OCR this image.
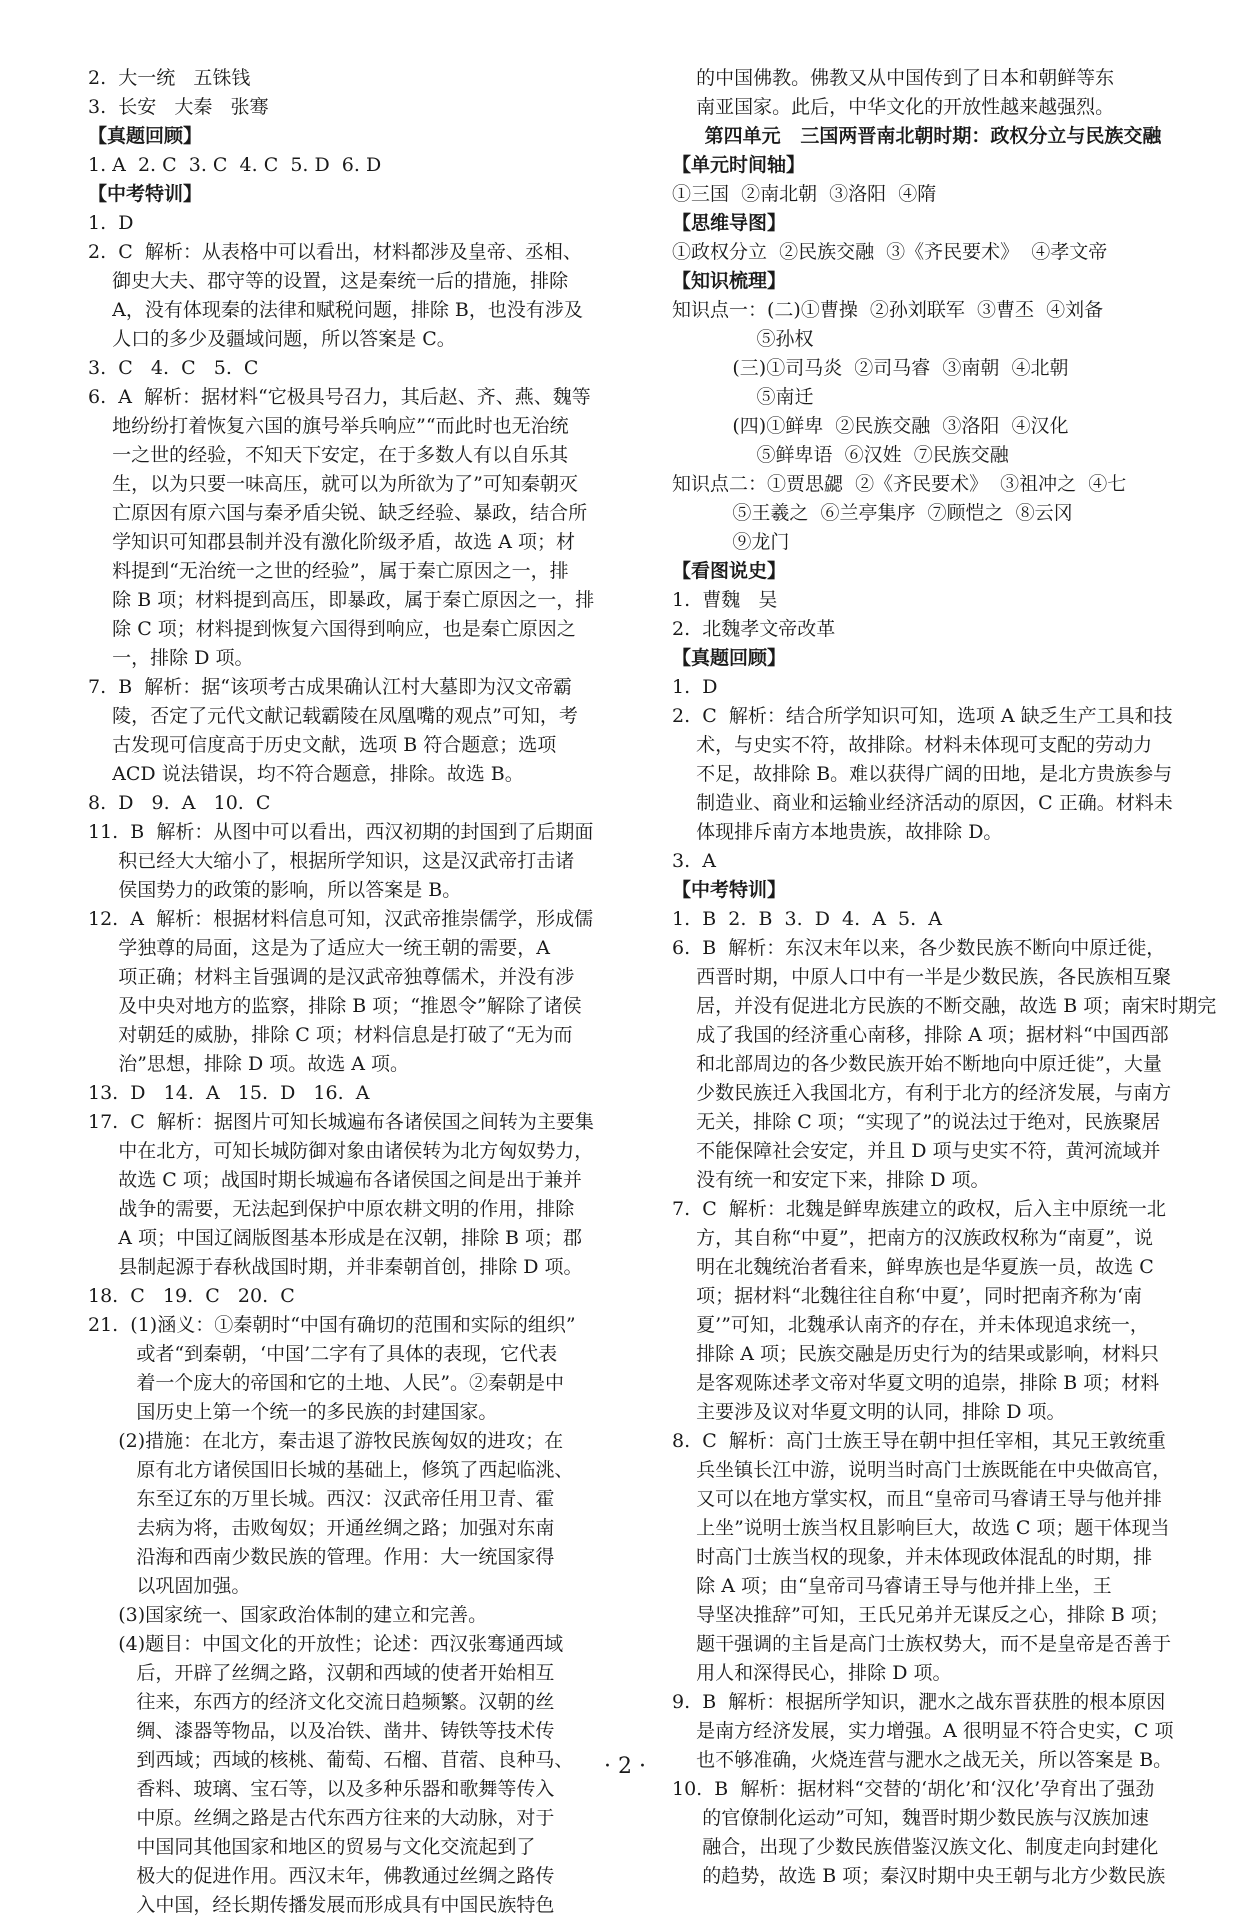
2.  大一统   五铢钱
3.  长安   大秦   张骞
【真题回顾】
1. A  2. C  3. C  4. C  5. D  6. D
【中考特训】
1.  D
2.  C  解析：从表格中可以看出，材料都涉及皇帝、丞相、
御史大夫、郡守等的设置，这是秦统一后的措施，排除
A，没有体现秦的法律和赋税问题，排除 B，也没有涉及
人口的多少及疆域问题，所以答案是 C。
3.  C   4.  C   5.  C
6.  A  解析：据材料“它极具号召力，其后赵、齐、燕、魏等
地纷纷打着恢复六国的旗号举兵响应”“而此时也无治统
一之世的经验，不知天下安定，在于多数人有以自乐其
生，以为只要一味高压，就可以为所欲为了”可知秦朝灭
亡原因有原六国与秦矛盾尖锐、缺乏经验、暴政，结合所
学知识可知郡县制并没有激化阶级矛盾，故选 A 项；材
料提到“无治统一之世的经验”，属于秦亡原因之一，排
除 B 项；材料提到高压，即暴政，属于秦亡原因之一，排
除 C 项；材料提到恢复六国得到响应，也是秦亡原因之
一，排除 D 项。
7.  B  解析：据“该项考古成果确认江村大墓即为汉文帝霸
陵，否定了元代文献记载霸陵在凤凰嘴的观点”可知，考
古发现可信度高于历史文献，选项 B 符合题意；选项
ACD 说法错误，均不符合题意，排除。故选 B。
8.  D   9.  A   10.  C
11.  B  解析：从图中可以看出，西汉初期的封国到了后期面
积已经大大缩小了，根据所学知识，这是汉武帝打击诸
侯国势力的政策的影响，所以答案是 B。
12.  A  解析：根据材料信息可知，汉武帝推崇儒学，形成儒
学独尊的局面，这是为了适应大一统王朝的需要，A
项正确；材料主旨强调的是汉武帝独尊儒术，并没有涉
及中央对地方的监察，排除 B 项；“推恩令”解除了诸侯
对朝廷的威胁，排除 C 项；材料信息是打破了“无为而
治”思想，排除 D 项。故选 A 项。
13.  D   14.  A   15.  D   16.  A
17.  C  解析：据图片可知长城遍布各诸侯国之间转为主要集
中在北方，可知长城防御对象由诸侯转为北方匈奴势力，
故选 C 项；战国时期长城遍布各诸侯国之间是出于兼并
战争的需要，无法起到保护中原农耕文明的作用，排除
A 项；中国辽阔版图基本形成是在汉朝，排除 B 项；郡
县制起源于春秋战国时期，并非秦朝首创，排除 D 项。
18.  C   19.  C   20.  C
21.  (1)涵义：①秦朝时“中国有确切的范围和实际的组织”
或者“到秦朝，‘中国’二字有了具体的表现，它代表
着一个庞大的帝国和它的土地、人民”。②秦朝是中
国历史上第一个统一的多民族的封建国家。
(2)措施：在北方，秦击退了游牧民族匈奴的进攻；在
原有北方诸侯国旧长城的基础上，修筑了西起临洮、
东至辽东的万里长城。西汉：汉武帝任用卫青、霍
去病为将，击败匈奴；开通丝绸之路；加强对东南
沿海和西南少数民族的管理。作用：大一统国家得
以巩固加强。
(3)国家统一、国家政治体制的建立和完善。
(4)题目：中国文化的开放性；论述：西汉张骞通西域
后，开辟了丝绸之路，汉朝和西域的使者开始相互
往来，东西方的经济文化交流日趋频繁。汉朝的丝
绸、漆器等物品，以及冶铁、凿井、铸铁等技术传
到西域；西域的核桃、葡萄、石榴、苜蓿、良种马、
香料、玻璃、宝石等，以及多种乐器和歌舞等传入
中原。丝绸之路是古代东西方往来的大动脉，对于
中国同其他国家和地区的贸易与文化交流起到了
极大的促进作用。西汉末年，佛教通过丝绸之路传
入中国，经长期传播发展而形成具有中国民族特色
的中国佛教。佛教又从中国传到了日本和朝鲜等东
南亚国家。此后，中华文化的开放性越来越强烈。
第四单元   三国两晋南北朝时期：政权分立与民族交融
【单元时间轴】
①三国  ②南北朝  ③洛阳  ④隋
【思维导图】
①政权分立  ②民族交融  ③《齐民要术》  ④孝文帝
【知识梳理】
知识点一：(二)①曹操  ②孙刘联军  ③曹丕  ④刘备
⑤孙权
(三)①司马炎  ②司马睿  ③南朝  ④北朝
⑤南迁
(四)①鲜卑  ②民族交融  ③洛阳  ④汉化
⑤鲜卑语  ⑥汉姓  ⑦民族交融
知识点二：①贾思勰  ②《齐民要术》  ③祖冲之  ④七
⑤王羲之  ⑥兰亭集序  ⑦顾恺之  ⑧云冈
⑨龙门
【看图说史】
1.  曹魏   吴
2.  北魏孝文帝改革
【真题回顾】
1.  D
2.  C  解析：结合所学知识可知，选项 A 缺乏生产工具和技
术，与史实不符，故排除。材料未体现可支配的劳动力
不足，故排除 B。难以获得广阔的田地，是北方贵族参与
制造业、商业和运输业经济活动的原因，C 正确。材料未
体现排斥南方本地贵族，故排除 D。
3.  A
【中考特训】
1.  B  2.  B  3.  D  4.  A  5.  A
6.  B  解析：东汉末年以来，各少数民族不断向中原迁徙，
西晋时期，中原人口中有一半是少数民族，各民族相互聚
居，并没有促进北方民族的不断交融，故选 B 项；南宋时期完
成了我国的经济重心南移，排除 A 项；据材料“中国西部
和北部周边的各少数民族开始不断地向中原迁徙”，大量
少数民族迁入我国北方，有利于北方的经济发展，与南方
无关，排除 C 项；“实现了”的说法过于绝对，民族聚居
不能保障社会安定，并且 D 项与史实不符，黄河流域并
没有统一和安定下来，排除 D 项。
7.  C  解析：北魏是鲜卑族建立的政权，后入主中原统一北
方，其自称“中夏”，把南方的汉族政权称为“南夏”，说
明在北魏统治者看来，鲜卑族也是华夏族一员，故选 C
项；据材料“北魏往往自称‘中夏’，同时把南齐称为‘南
夏’”可知，北魏承认南齐的存在，并未体现追求统一，
排除 A 项；民族交融是历史行为的结果或影响，材料只
是客观陈述孝文帝对华夏文明的追崇，排除 B 项；材料
主要涉及议对华夏文明的认同，排除 D 项。
8.  C  解析：高门士族王导在朝中担任宰相，其兄王敦统重
兵坐镇长江中游，说明当时高门士族既能在中央做高官，
又可以在地方掌实权，而且“皇帝司马睿请王导与他并排
上坐”说明士族当权且影响巨大，故选 C 项；题干体现当
时高门士族当权的现象，并未体现政体混乱的时期，排
除 A 项；由“皇帝司马睿请王导与他并排上坐，王
导坚决推辞”可知，王氏兄弟并无谋反之心，排除 B 项；
题干强调的主旨是高门士族权势大，而不是皇帝是否善于
用人和深得民心，排除 D 项。
9.  B  解析：根据所学知识，淝水之战东晋获胜的根本原因
是南方经济发展，实力增强。A 很明显不符合史实，C 项
也不够准确，火烧连营与淝水之战无关，所以答案是 B。
10.  B  解析：据材料“交替的‘胡化’和‘汉化’孕育出了强劲
的官僚制化运动”可知，魏晋时期少数民族与汉族加速
融合，出现了少数民族借鉴汉族文化、制度走向封建化
的趋势，故选 B 项；秦汉时期中央王朝与北方少数民族
· 2 ·
